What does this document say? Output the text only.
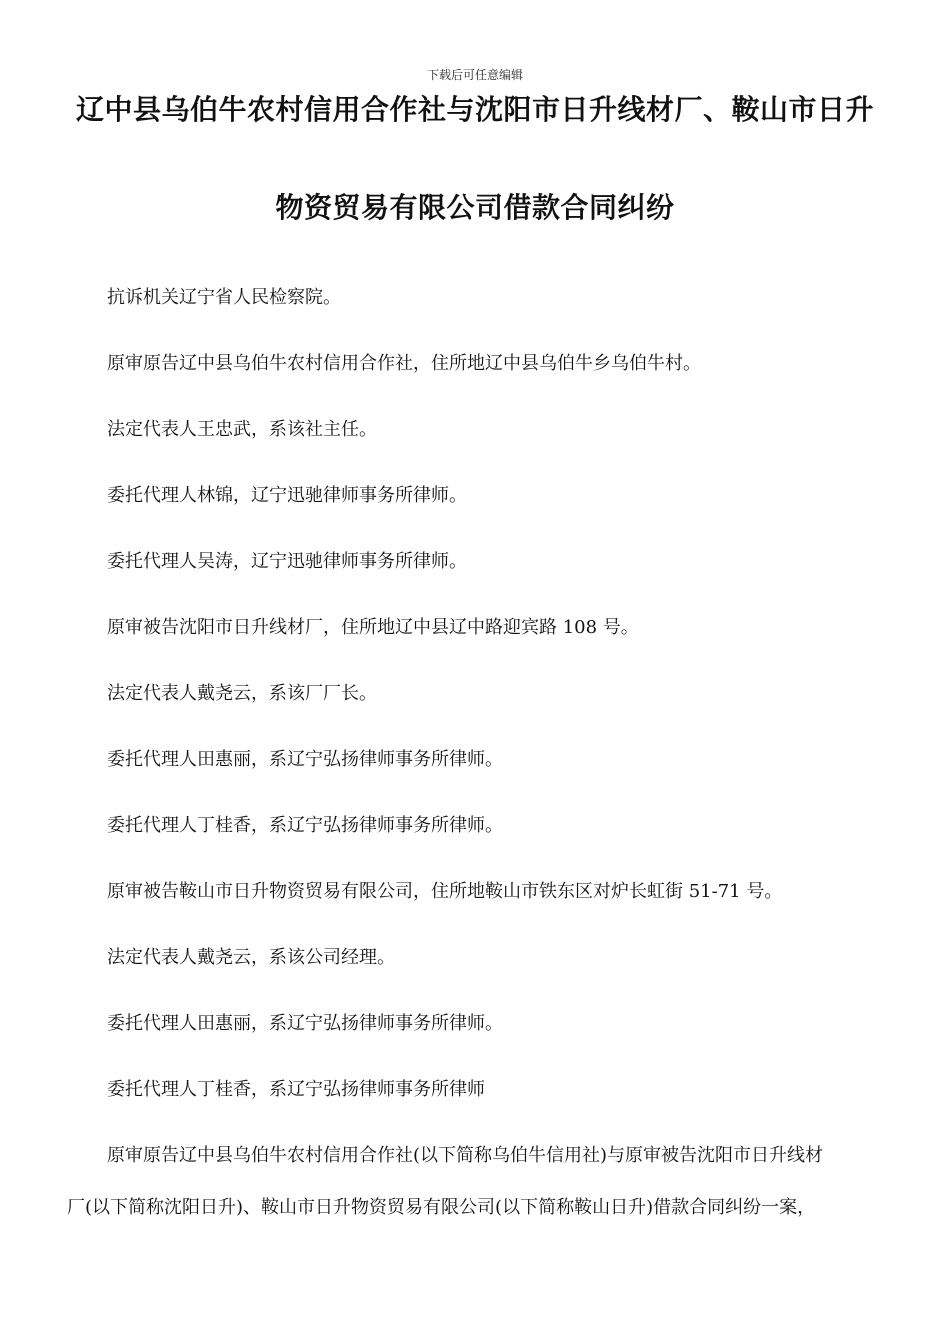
下载后可任意编辑
辽中县乌伯牛农村信用合作社与沈阳市日升线材厂、鞍山市日升
物资贸易有限公司借款合同纠纷
抗诉机关辽宁省人民检察院。
原审原告辽中县乌伯牛农村信用合作社，住所地辽中县乌伯牛乡乌伯牛村。
法定代表人王忠武，系该社主任。
委托代理人林锦，辽宁迅驰律师事务所律师。
委托代理人吴涛，辽宁迅驰律师事务所律师。
原审被告沈阳市日升线材厂，住所地辽中县辽中路迎宾路 108 号。
法定代表人戴尧云，系该厂厂长。
委托代理人田惠丽，系辽宁弘扬律师事务所律师。
委托代理人丁桂香，系辽宁弘扬律师事务所律师。
原审被告鞍山市日升物资贸易有限公司，住所地鞍山市铁东区对炉长虹街 51-71 号。
法定代表人戴尧云，系该公司经理。
委托代理人田惠丽，系辽宁弘扬律师事务所律师。
委托代理人丁桂香，系辽宁弘扬律师事务所律师
原审原告辽中县乌伯牛农村信用合作社(以下简称乌伯牛信用社)与原审被告沈阳市日升线材
厂(以下简称沈阳日升)、鞍山市日升物资贸易有限公司(以下简称鞍山日升)借款合同纠纷一案，
